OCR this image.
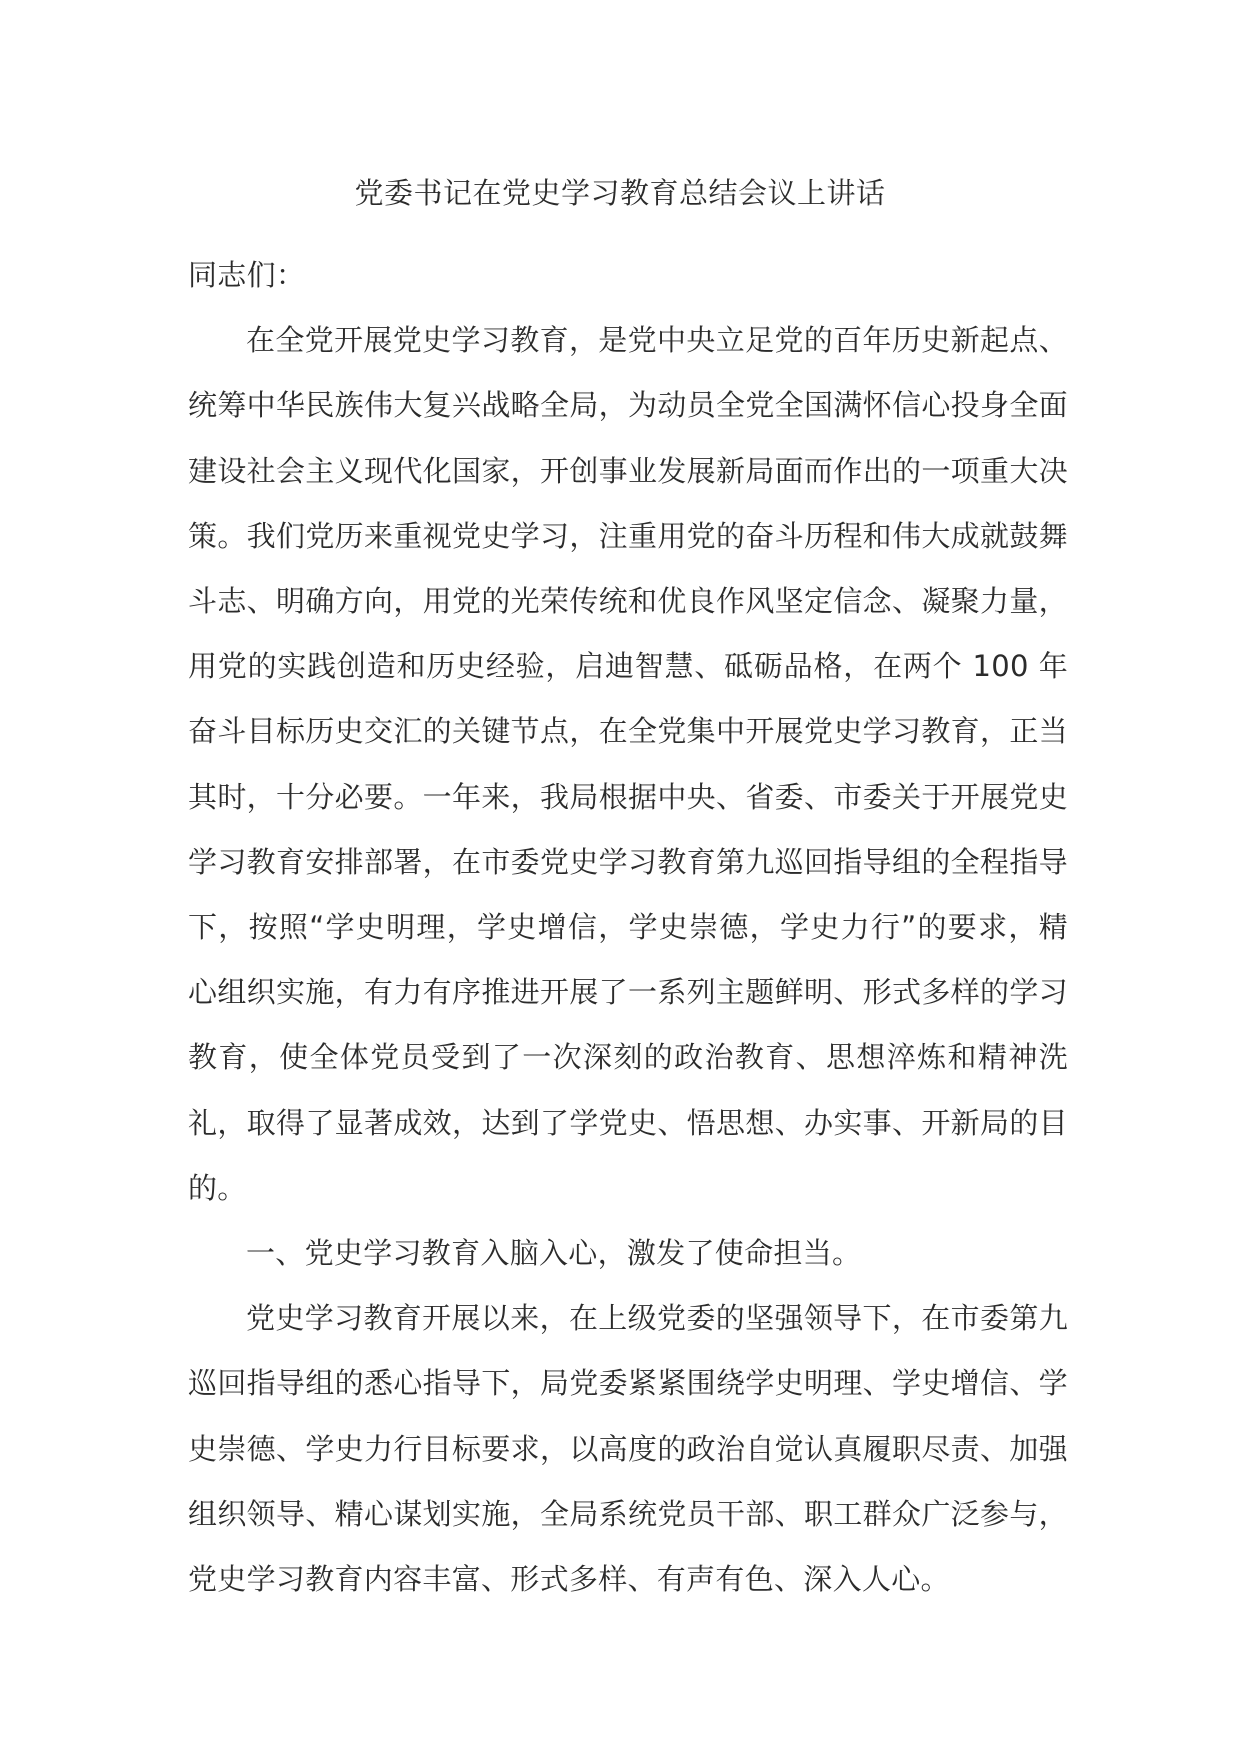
党委书记在党史学习教育总结会议上讲话

同志们：

在全党开展党史学习教育，是党中央立足党的百年历史新起点、统筹中华民族伟大复兴战略全局，为动员全党全国满怀信心投身全面建设社会主义现代化国家，开创事业发展新局面而作出的一项重大决策。我们党历来重视党史学习，注重用党的奋斗历程和伟大成就鼓舞斗志、明确方向，用党的光荣传统和优良作风坚定信念、凝聚力量，用党的实践创造和历史经验，启迪智慧、砥砺品格，在两个 100 年奋斗目标历史交汇的关键节点，在全党集中开展党史学习教育，正当其时，十分必要。一年来，我局根据中央、省委、市委关于开展党史学习教育安排部署，在市委党史学习教育第九巡回指导组的全程指导下，按照“学史明理，学史增信，学史崇德，学史力行”的要求，精心组织实施，有力有序推进开展了一系列主题鲜明、形式多样的学习教育，使全体党员受到了一次深刻的政治教育、思想淬炼和精神洗礼，取得了显著成效，达到了学党史、悟思想、办实事、开新局的目的。

一、党史学习教育入脑入心，激发了使命担当。

党史学习教育开展以来，在上级党委的坚强领导下，在市委第九巡回指导组的悉心指导下，局党委紧紧围绕学史明理、学史增信、学史崇德、学史力行目标要求，以高度的政治自觉认真履职尽责、加强组织领导、精心谋划实施，全局系统党员干部、职工群众广泛参与，党史学习教育内容丰富、形式多样、有声有色、深入人心。
